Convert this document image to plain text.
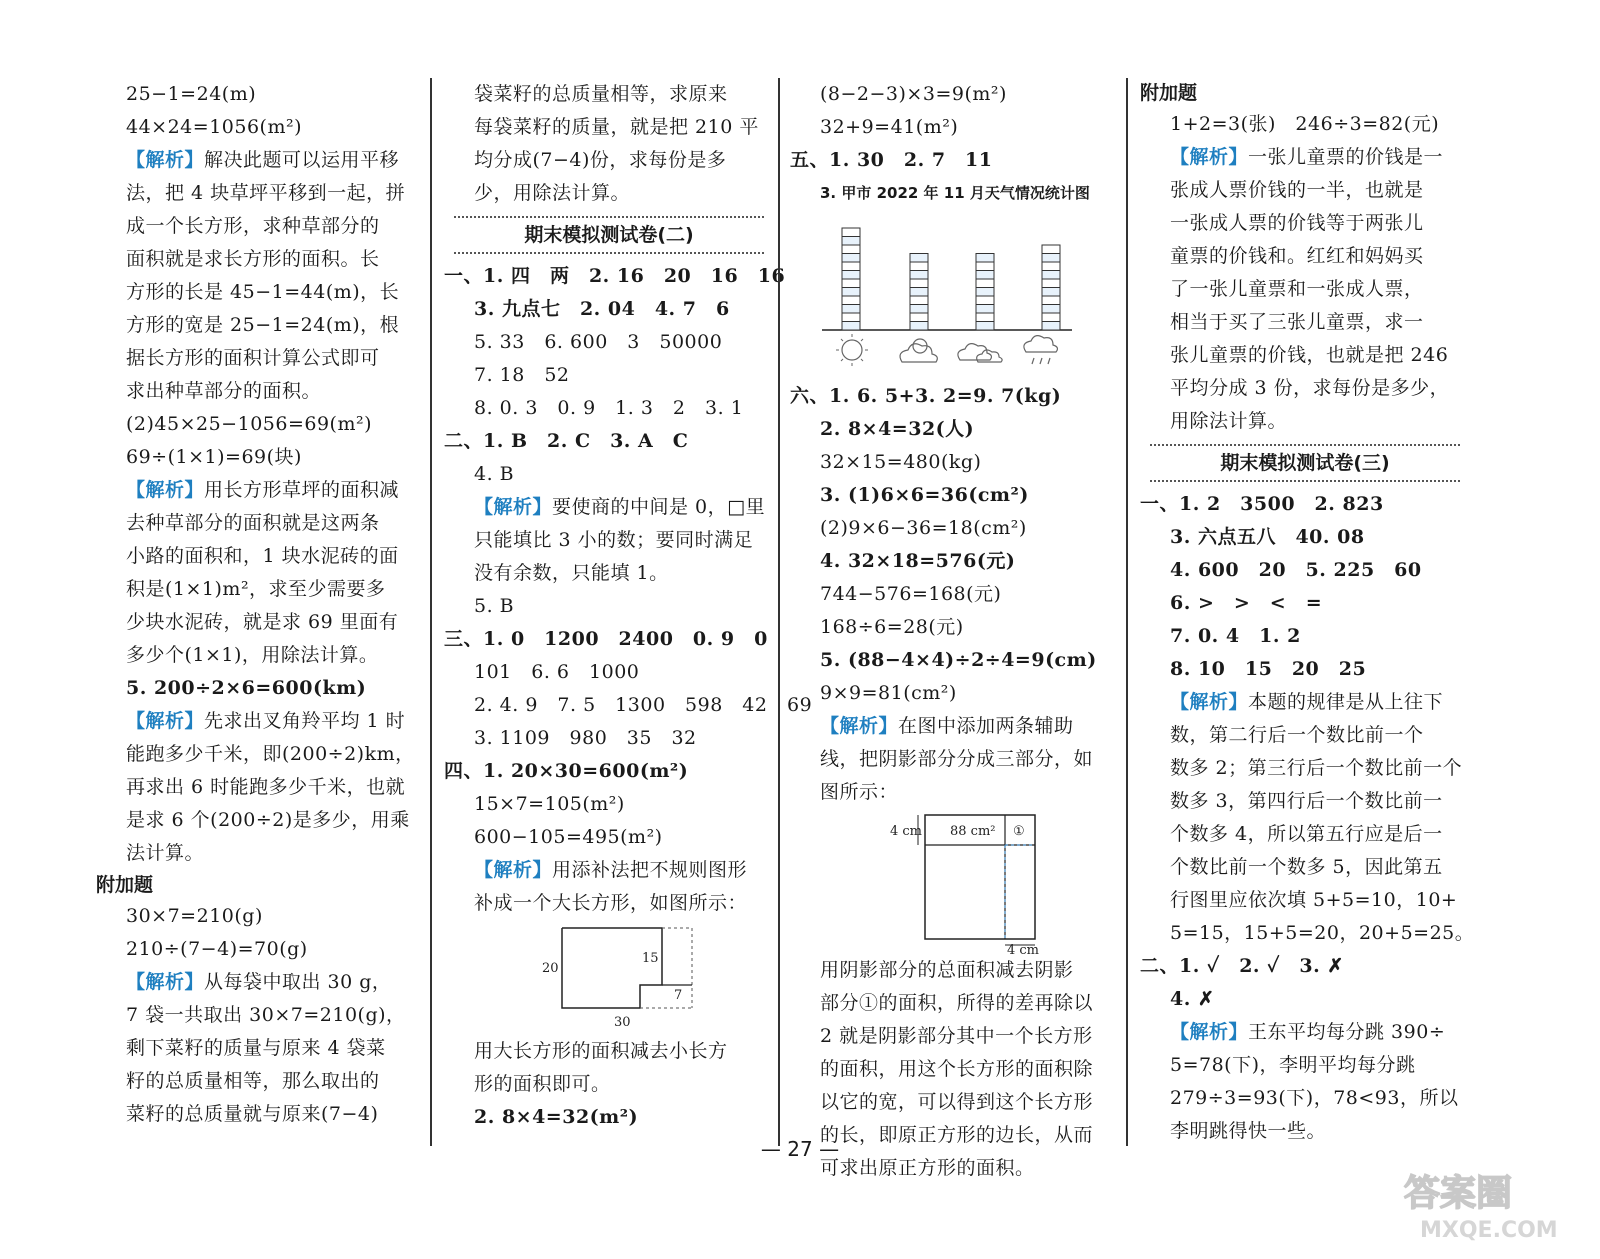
25−1=24(m)
44×24=1056(m²)
【解析】解决此题可以运用平移
法，把 4 块草坪平移到一起，拼
成一个长方形，求种草部分的
面积就是求长方形的面积。长
方形的长是 45−1=44(m)，长
方形的宽是 25−1=24(m)，根
据长方形的面积计算公式即可
求出种草部分的面积。
(2)45×25−1056=69(m²)
69÷(1×1)=69(块)
【解析】用长方形草坪的面积减
去种草部分的面积就是这两条
小路的面积和，1 块水泥砖的面
积是(1×1)m²，求至少需要多
少块水泥砖，就是求 69 里面有
多少个(1×1)，用除法计算。
5. 200÷2×6=600(km)
【解析】先求出叉角羚平均 1 时
能跑多少千米，即(200÷2)km，
再求出 6 时能跑多少千米，也就
是求 6 个(200÷2)是多少，用乘
法计算。
附加题
30×7=210(g)
210÷(7−4)=70(g)
【解析】从每袋中取出 30 g，
7 袋一共取出 30×7=210(g)，
剩下菜籽的质量与原来 4 袋菜
籽的总质量相等，那么取出的
菜籽的总质量就与原来(7−4)
袋菜籽的总质量相等，求原来
每袋菜籽的质量，就是把 210 平
均分成(7−4)份，求每份是多
少，用除法计算。
期末模拟测试卷(二)
一、1. 四　两　2. 16　20　16　16
3. 九点七　2. 04　4. 7　6
5. 33　6. 600　3　50000
7. 18　52
8. 0. 3　0. 9　1. 3　2　3. 1
二、1. B　2. C　3. A　C
4. B
【解析】要使商的中间是 0，□里
只能填比 3 小的数；要同时满足
没有余数，只能填 1。
5. B
三、1. 0　1200　2400　0. 9　0
101　6. 6　1000
2. 4. 9　7. 5　1300　598　42　69
3. 1109　980　35　32
四、1. 20×30=600(m²)
15×7=105(m²)
600−105=495(m²)
【解析】用添补法把不规则图形
补成一个大长方形，如图所示：
20
15
7
30
用大长方形的面积减去小长方
形的面积即可。
2. 8×4=32(m²)
(8−2−3)×3=9(m²)
32+9=41(m²)
五、1. 30　2. 7　11
3. 甲市 2022 年 11 月天气情况统计图
六、1. 6. 5+3. 2=9. 7(kg)
2. 8×4=32(人)
32×15=480(kg)
3. (1)6×6=36(cm²)
(2)9×6−36=18(cm²)
4. 32×18=576(元)
744−576=168(元)
168÷6=28(元)
5. (88−4×4)÷2÷4=9(cm)
9×9=81(cm²)
【解析】在图中添加两条辅助
线，把阴影部分分成三部分，如
图所示：
4 cm 88 cm² ①
4 cm
用阴影部分的总面积减去阴影
部分①的面积，所得的差再除以
2 就是阴影部分其中一个长方形
的面积，用这个长方形的面积除
以它的宽，可以得到这个长方形
的长，即原正方形的边长，从而
可求出原正方形的面积。
附加题
1+2=3(张)　246÷3=82(元)
【解析】一张儿童票的价钱是一
张成人票价钱的一半，也就是
一张成人票的价钱等于两张儿
童票的价钱和。红红和妈妈买
了一张儿童票和一张成人票，
相当于买了三张儿童票，求一
张儿童票的价钱，也就是把 246
平均分成 3 份，求每份是多少，
用除法计算。
期末模拟测试卷(三)
一、1. 2　3500　2. 823
3. 六点五八　40. 08
4. 600　20　5. 225　60
6. >　>　<　=
7. 0. 4　1. 2
8. 10　15　20　25
【解析】本题的规律是从上往下
数，第二行后一个数比前一个
数多 2；第三行后一个数比前一个
数多 3，第四行后一个数比前一
个数多 4，所以第五行应是后一
个数比前一个数多 5，因此第五
行图里应依次填 5+5=10，10+
5=15，15+5=20，20+5=25。
二、1. ✓　2. ✓　3. ✗
4. ✗
【解析】王东平均每分跳 390÷
5=78(下)，李明平均每分跳
279÷3=93(下)，78<93，所以
李明跳得快一些。
— 27 —
答案圈
MXQE.COM
